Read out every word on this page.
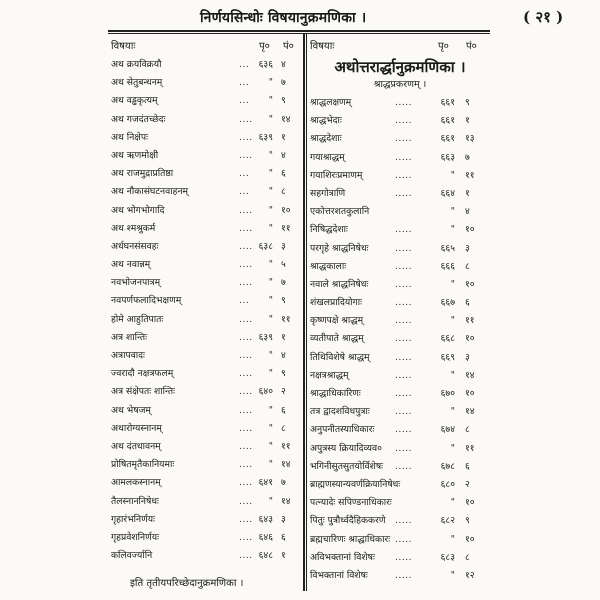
निर्णयसिन्धोः विषयानुक्रमणिका ।	( २१ )
विषयाः	पृ० पं०
अथ क्रयविक्रयौ	...	६३६ ४
अथ सेतुबन्धनम्	...	" ७
अथ वड्ढकृत्यम्	...	" ९
अथ गजदंतच्छेदः	....	" १४
अथ निक्षेपः	.... ६३९ १
अथ ऋणमोक्षी	....	" ४
अथ राजमुद्राप्रतिष्ठा	...	" ६
अथ नौकासंघटनवाहनम्	...	" ८
अथ भोगभोगादि	....	" १०
अथ श्मश्रुकर्म	....	" ११
अर्धघनसंसवहः	.... ६३८ ३
अथ नवान्नम्	....	" ५
नवभोजनपात्रम्	....	" ७
नवपर्णफलादिभक्षणम्	...	" ९
होमे आहुतिपातः	....	" ११
अत्र शान्तिः	.... ६३९ १
अत्रापवादः	....	" ४
ज्वरादौ नक्षत्रफलम्	....	" ९
अत्र संक्षेपतः शान्तिः	.... ६४० २
अथ भेषजम्	....	" ६
अथारोग्यस्नानम्	....	" ८
अथ दंतधावनम्	....	" ११
प्रोषितमृतैकानियमाः	....	" १४
आमलकस्नानम्	.... ६४१ ७
तैलस्नाननिषेधः	....	" १४
गृहारंभनिर्णयः	.... ६४३ ३
गृहप्रवेशनिर्णयः	.... ६४६ ६
कलिवर्ज्यानि	.... ६४८ १
विषयाः	पृ० पं०
अथोत्तरार्द्धानुक्रमणिका ।
श्राद्धप्रकरणम् ।
श्राद्धलक्षणम्	.....	६६१ ९
श्राद्धभेदाः	.....	६६१ १
श्राद्धदेशाः	.....	६६१ १३
गयाश्राद्धम्	.....	६६३ ७
गयाशिरःप्रमाणम्	.....	" ११
सहगोत्राणि	.....	६६४ १
एकोत्तरशतकुलानि	" ४
निषिद्धदेशाः	.....	" १०
परगृहे श्राद्धनिषेधः	.....	६६५ ३
श्राद्धकालाः	.....	६६६ ८
नवाले श्राद्धनिषेधः	.....	" १०
शंखलप्रादियोगाः	.....	६६७ ६
कृष्णपक्षे श्राद्धम्	.....	" ११
व्यतीपाते श्राद्धम्	.....	६६८ १०
तिथिविशेषे श्राद्धम्	.....	६६९ ३
नक्षत्रश्राद्धम्	.....	" १४
श्राद्धाधिकारिणः	.....	६७० १०
तत्र द्वादशविधपुत्राः	.....	" १४
अनुपनीतस्याधिकारः .....	६७४ ८
अपुत्रस्य क्रियादिव्यव० .....	" ११
भगिनीसुतसुतयोर्विशेषः .....	६७८ ६
ब्राह्मणस्यान्यवर्णक्रियानिषेधः	६८० २
पत्न्यादेः सपिण्डनाधिकारः	" १०
पितुः पुत्रौर्ध्वदैहिककरणे .....	६८२ ९
ब्रह्मचारिणः श्राद्धाधिकारः .....	" १०
अविभक्तानां विशेषः .....	६८३ ८
विभक्तानां विशेषः	.....	" १२
इति तृतीयपरिच्छेदानुक्रमणिका ।
